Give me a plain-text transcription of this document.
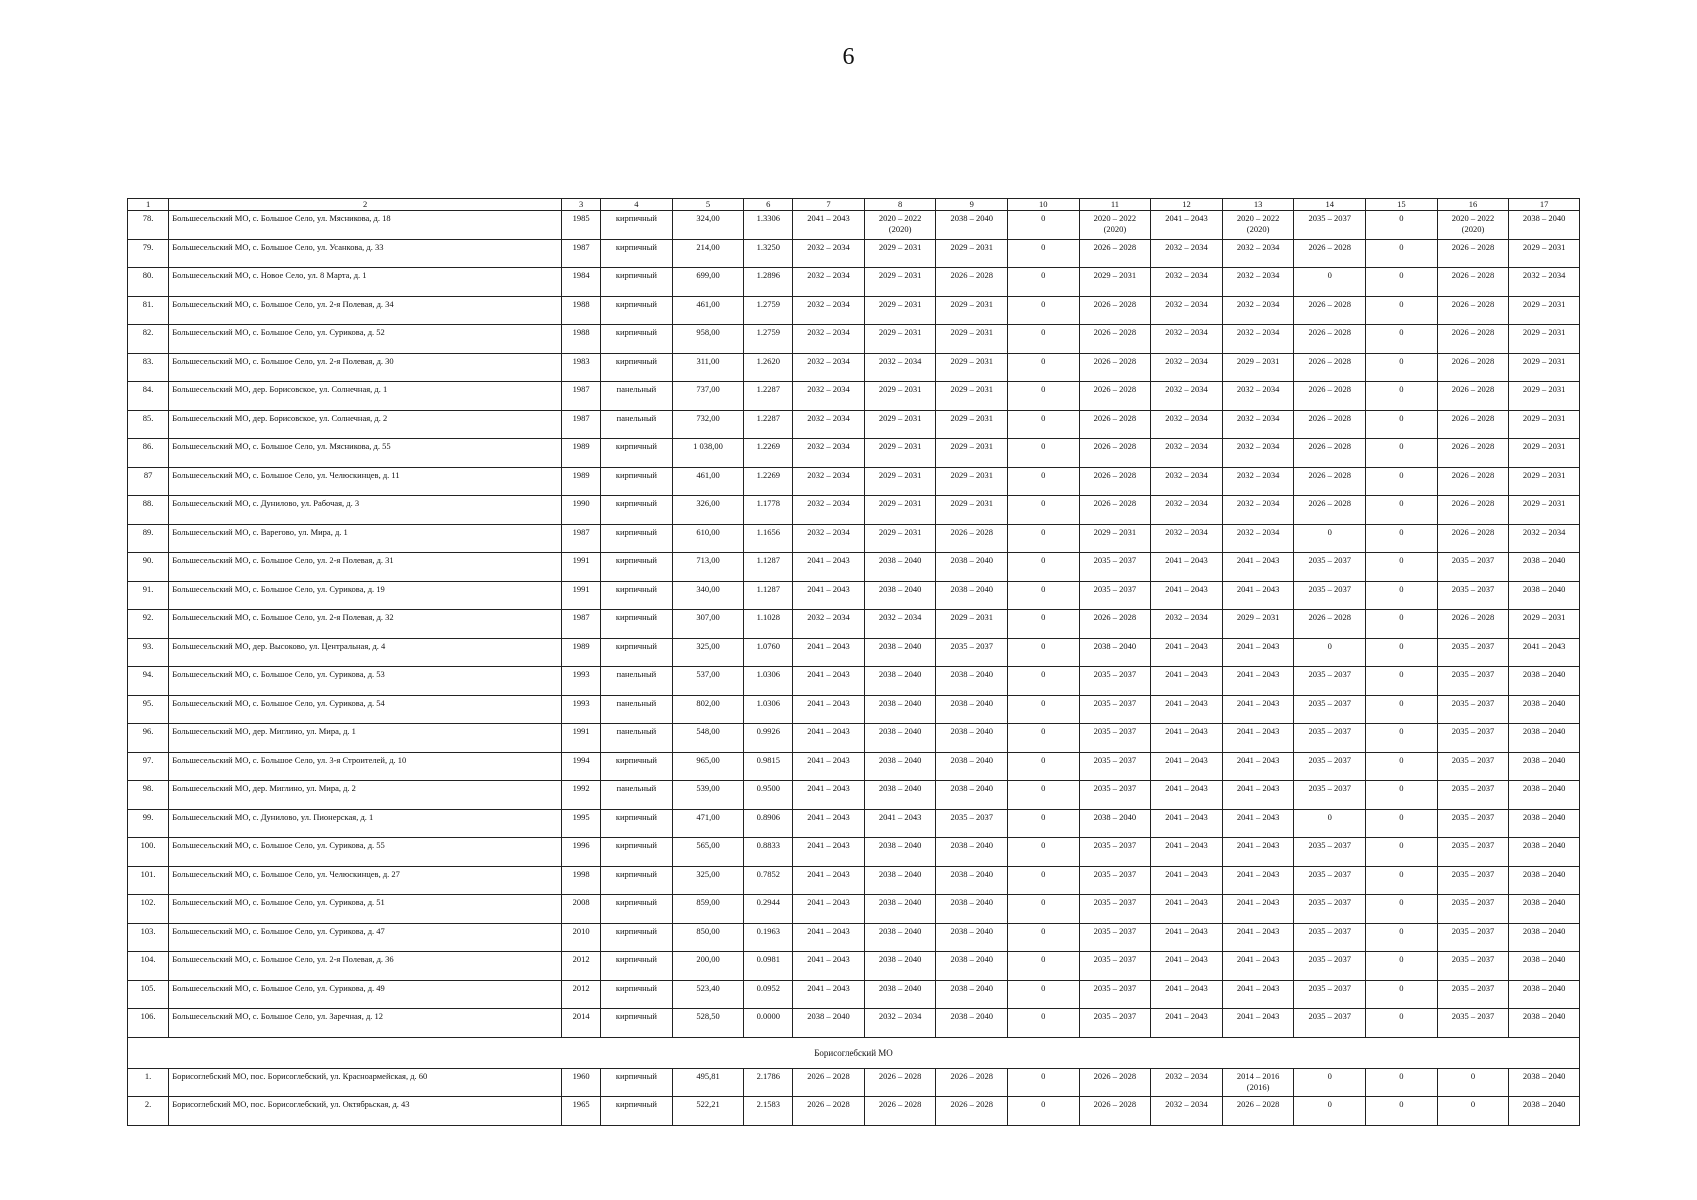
6
1	2	3	4	5	6	7	8	9	10	11	12	13	14	15	16	17
78.	Большесельский МО, с. Большое Село, ул. Мясникова, д. 18	1985	кирпичный	324,00	1.3306	2041 – 2043	2020 – 2022 (2020)	2038 – 2040	0	2020 – 2022 (2020)	2041 – 2043	2020 – 2022 (2020)	2035 – 2037	0	2020 – 2022 (2020)	2038 – 2040
79.	Большесельский МО, с. Большое Село, ул. Усанкова, д. 33	1987	кирпичный	214,00	1.3250	2032 – 2034	2029 – 2031	2029 – 2031	0	2026 – 2028	2032 – 2034	2032 – 2034	2026 – 2028	0	2026 – 2028	2029 – 2031
80.	Большесельский МО, с. Новое Село, ул. 8 Марта, д. 1	1984	кирпичный	699,00	1.2896	2032 – 2034	2029 – 2031	2026 – 2028	0	2029 – 2031	2032 – 2034	2032 – 2034	0	0	2026 – 2028	2032 – 2034
81.	Большесельский МО, с. Большое Село, ул. 2-я Полевая, д. 34	1988	кирпичный	461,00	1.2759	2032 – 2034	2029 – 2031	2029 – 2031	0	2026 – 2028	2032 – 2034	2032 – 2034	2026 – 2028	0	2026 – 2028	2029 – 2031
82.	Большесельский МО, с. Большое Село, ул. Сурикова, д. 52	1988	кирпичный	958,00	1.2759	2032 – 2034	2029 – 2031	2029 – 2031	0	2026 – 2028	2032 – 2034	2032 – 2034	2026 – 2028	0	2026 – 2028	2029 – 2031
83.	Большесельский МО, с. Большое Село, ул. 2-я Полевая, д. 30	1983	кирпичный	311,00	1.2620	2032 – 2034	2032 – 2034	2029 – 2031	0	2026 – 2028	2032 – 2034	2029 – 2031	2026 – 2028	0	2026 – 2028	2029 – 2031
84.	Большесельский МО, дер. Борисовское, ул. Солнечная, д. 1	1987	панельный	737,00	1.2287	2032 – 2034	2029 – 2031	2029 – 2031	0	2026 – 2028	2032 – 2034	2032 – 2034	2026 – 2028	0	2026 – 2028	2029 – 2031
85.	Большесельский МО, дер. Борисовское, ул. Солнечная, д. 2	1987	панельный	732,00	1.2287	2032 – 2034	2029 – 2031	2029 – 2031	0	2026 – 2028	2032 – 2034	2032 – 2034	2026 – 2028	0	2026 – 2028	2029 – 2031
86.	Большесельский МО, с. Большое Село, ул. Мясникова, д. 55	1989	кирпичный	1 038,00	1.2269	2032 – 2034	2029 – 2031	2029 – 2031	0	2026 – 2028	2032 – 2034	2032 – 2034	2026 – 2028	0	2026 – 2028	2029 – 2031
87	Большесельский МО, с. Большое Село, ул. Челюскинцев, д. 11	1989	кирпичный	461,00	1.2269	2032 – 2034	2029 – 2031	2029 – 2031	0	2026 – 2028	2032 – 2034	2032 – 2034	2026 – 2028	0	2026 – 2028	2029 – 2031
88.	Большесельский МО, с. Дунилово, ул. Рабочая, д. 3	1990	кирпичный	326,00	1.1778	2032 – 2034	2029 – 2031	2029 – 2031	0	2026 – 2028	2032 – 2034	2032 – 2034	2026 – 2028	0	2026 – 2028	2029 – 2031
89.	Большесельский МО, с. Варегово, ул. Мира, д. 1	1987	кирпичный	610,00	1.1656	2032 – 2034	2029 – 2031	2026 – 2028	0	2029 – 2031	2032 – 2034	2032 – 2034	0	0	2026 – 2028	2032 – 2034
90.	Большесельский МО, с. Большое Село, ул. 2-я Полевая, д. 31	1991	кирпичный	713,00	1.1287	2041 – 2043	2038 – 2040	2038 – 2040	0	2035 – 2037	2041 – 2043	2041 – 2043	2035 – 2037	0	2035 – 2037	2038 – 2040
91.	Большесельский МО, с. Большое Село, ул. Сурикова, д. 19	1991	кирпичный	340,00	1.1287	2041 – 2043	2038 – 2040	2038 – 2040	0	2035 – 2037	2041 – 2043	2041 – 2043	2035 – 2037	0	2035 – 2037	2038 – 2040
92.	Большесельский МО, с. Большое Село, ул. 2-я Полевая, д. 32	1987	кирпичный	307,00	1.1028	2032 – 2034	2032 – 2034	2029 – 2031	0	2026 – 2028	2032 – 2034	2029 – 2031	2026 – 2028	0	2026 – 2028	2029 – 2031
93.	Большесельский МО, дер. Высоково, ул. Центральная, д. 4	1989	кирпичный	325,00	1.0760	2041 – 2043	2038 – 2040	2035 – 2037	0	2038 – 2040	2041 – 2043	2041 – 2043	0	0	2035 – 2037	2041 – 2043
94.	Большесельский МО, с. Большое Село, ул. Сурикова, д. 53	1993	панельный	537,00	1.0306	2041 – 2043	2038 – 2040	2038 – 2040	0	2035 – 2037	2041 – 2043	2041 – 2043	2035 – 2037	0	2035 – 2037	2038 – 2040
95.	Большесельский МО, с. Большое Село, ул. Сурикова, д. 54	1993	панельный	802,00	1.0306	2041 – 2043	2038 – 2040	2038 – 2040	0	2035 – 2037	2041 – 2043	2041 – 2043	2035 – 2037	0	2035 – 2037	2038 – 2040
96.	Большесельский МО, дер. Миглино, ул. Мира, д. 1	1991	панельный	548,00	0.9926	2041 – 2043	2038 – 2040	2038 – 2040	0	2035 – 2037	2041 – 2043	2041 – 2043	2035 – 2037	0	2035 – 2037	2038 – 2040
97.	Большесельский МО, с. Большое Село, ул. 3-я Строителей, д. 10	1994	кирпичный	965,00	0.9815	2041 – 2043	2038 – 2040	2038 – 2040	0	2035 – 2037	2041 – 2043	2041 – 2043	2035 – 2037	0	2035 – 2037	2038 – 2040
98.	Большесельский МО, дер. Миглино, ул. Мира, д. 2	1992	панельный	539,00	0.9500	2041 – 2043	2038 – 2040	2038 – 2040	0	2035 – 2037	2041 – 2043	2041 – 2043	2035 – 2037	0	2035 – 2037	2038 – 2040
99.	Большесельский МО, с. Дунилово, ул. Пионерская, д. 1	1995	кирпичный	471,00	0.8906	2041 – 2043	2041 – 2043	2035 – 2037	0	2038 – 2040	2041 – 2043	2041 – 2043	0	0	2035 – 2037	2038 – 2040
100.	Большесельский МО, с. Большое Село, ул. Сурикова, д. 55	1996	кирпичный	565,00	0.8833	2041 – 2043	2038 – 2040	2038 – 2040	0	2035 – 2037	2041 – 2043	2041 – 2043	2035 – 2037	0	2035 – 2037	2038 – 2040
101.	Большесельский МО, с. Большое Село, ул. Челюскинцев, д. 27	1998	кирпичный	325,00	0.7852	2041 – 2043	2038 – 2040	2038 – 2040	0	2035 – 2037	2041 – 2043	2041 – 2043	2035 – 2037	0	2035 – 2037	2038 – 2040
102.	Большесельский МО, с. Большое Село, ул. Сурикова, д. 51	2008	кирпичный	859,00	0.2944	2041 – 2043	2038 – 2040	2038 – 2040	0	2035 – 2037	2041 – 2043	2041 – 2043	2035 – 2037	0	2035 – 2037	2038 – 2040
103.	Большесельский МО, с. Большое Село, ул. Сурикова, д. 47	2010	кирпичный	850,00	0.1963	2041 – 2043	2038 – 2040	2038 – 2040	0	2035 – 2037	2041 – 2043	2041 – 2043	2035 – 2037	0	2035 – 2037	2038 – 2040
104.	Большесельский МО, с. Большое Село, ул. 2-я Полевая, д. 36	2012	кирпичный	200,00	0.0981	2041 – 2043	2038 – 2040	2038 – 2040	0	2035 – 2037	2041 – 2043	2041 – 2043	2035 – 2037	0	2035 – 2037	2038 – 2040
105.	Большесельский МО, с. Большое Село, ул. Сурикова, д. 49	2012	кирпичный	523,40	0.0952	2041 – 2043	2038 – 2040	2038 – 2040	0	2035 – 2037	2041 – 2043	2041 – 2043	2035 – 2037	0	2035 – 2037	2038 – 2040
106.	Большесельский МО, с. Большое Село, ул. Заречная, д. 12	2014	кирпичный	528,50	0.0000	2038 – 2040	2032 – 2034	2038 – 2040	0	2035 – 2037	2041 – 2043	2041 – 2043	2035 – 2037	0	2035 – 2037	2038 – 2040
Борисоглебский МО																
1.	Борисоглебский МО, пос. Борисоглебский, ул. Красноармейская, д. 60	1960	кирпичный	495,81	2.1786	2026 – 2028	2026 – 2028	2026 – 2028	0	2026 – 2028	2032 – 2034	2014 – 2016 (2016)	0	0	0	2038 – 2040
2.	Борисоглебский МО, пос. Борисоглебский, ул. Октябрьская, д. 43	1965	кирпичный	522,21	2.1583	2026 – 2028	2026 – 2028	2026 – 2028	0	2026 – 2028	2032 – 2034	2026 – 2028	0	0	0	2038 – 2040
